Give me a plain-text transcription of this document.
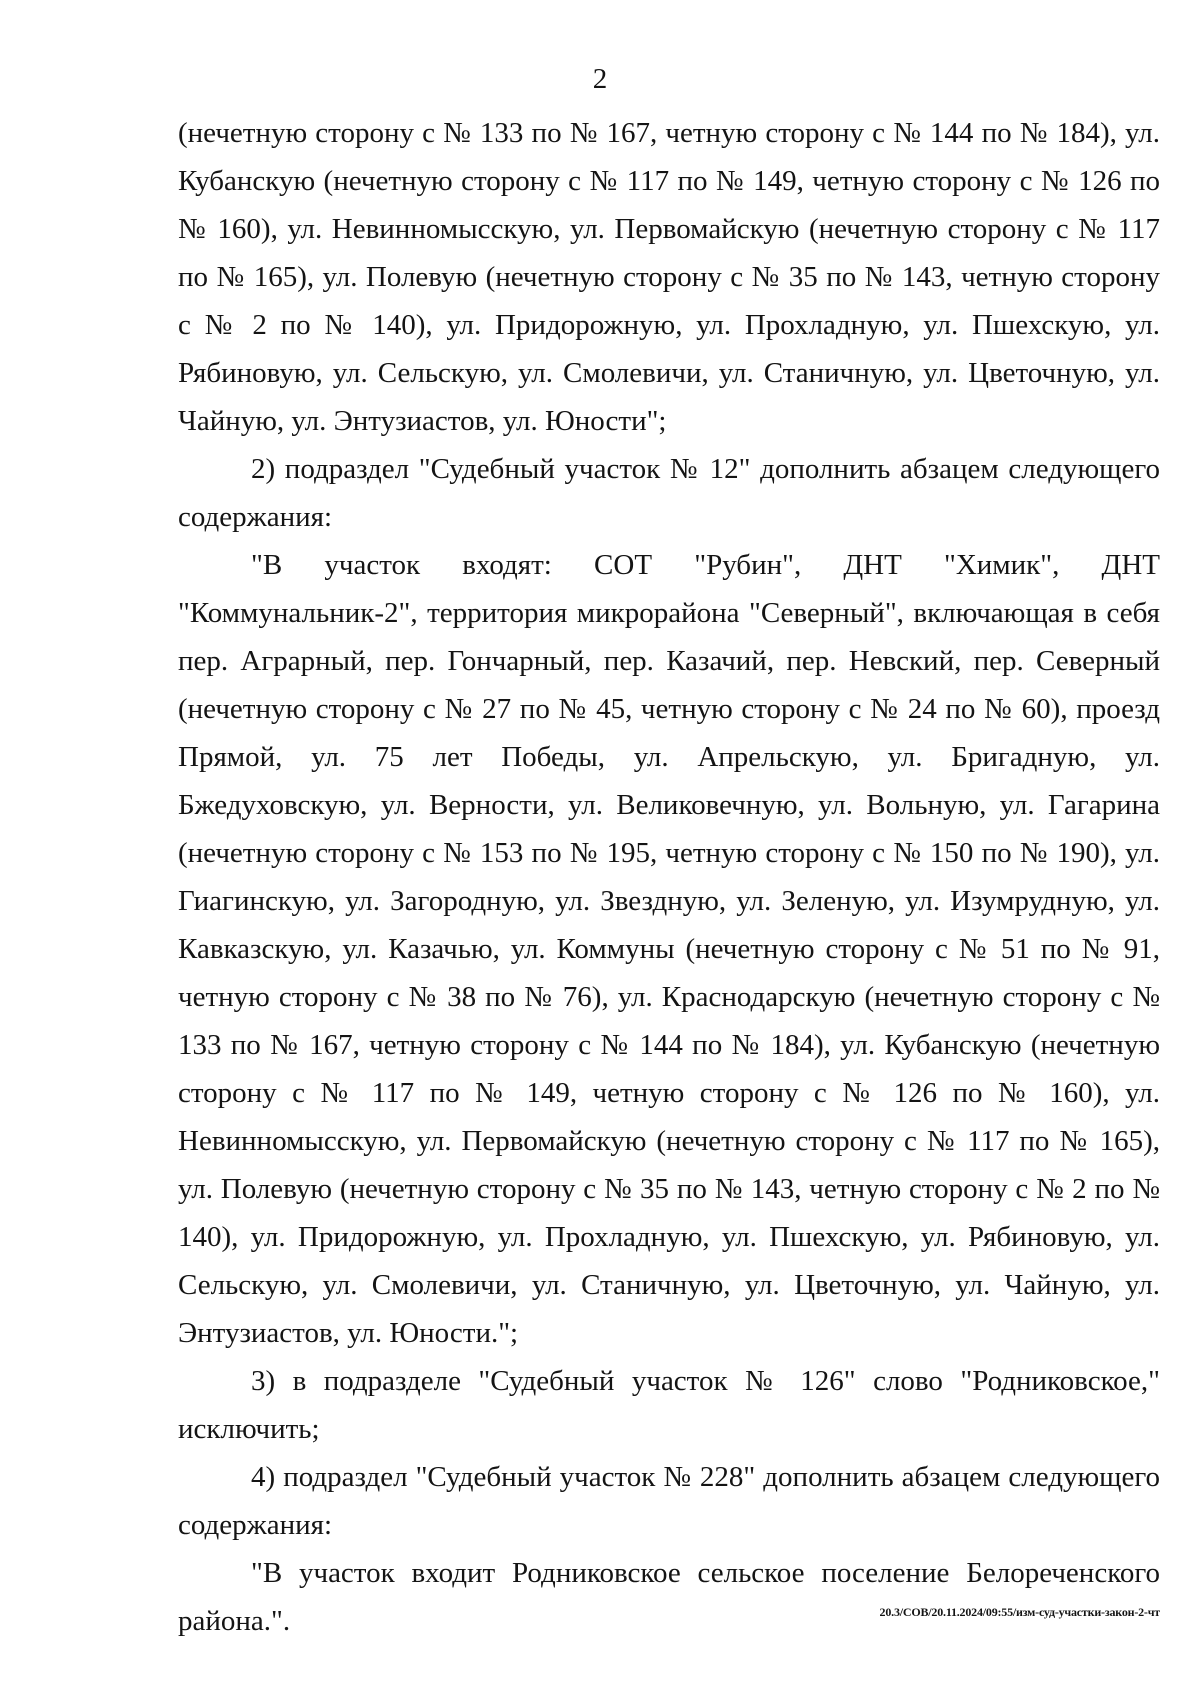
2

(нечетную сторону с № 133 по № 167, четную сторону с № 144 по № 184), ул. Кубанскую (нечетную сторону с № 117 по № 149, четную сторону с № 126 по № 160), ул. Невинномысскую, ул. Первомайскую (нечетную сторону с № 117 по № 165), ул. Полевую (нечетную сторону с № 35 по № 143, четную сторону с № 2 по № 140), ул. Придорожную, ул. Прохладную, ул. Пшехскую, ул. Рябиновую, ул. Сельскую, ул. Смолевичи, ул. Станичную, ул. Цветочную, ул. Чайную, ул. Энтузиастов, ул. Юности";

2) подраздел "Судебный участок № 12" дополнить абзацем следующего содержания:

"В участок входят: СОТ "Рубин", ДНТ "Химик", ДНТ "Коммунальник-2", территория микрорайона "Северный", включающая в себя пер. Аграрный, пер. Гончарный, пер. Казачий, пер. Невский, пер. Северный (нечетную сторону с № 27 по № 45, четную сторону с № 24 по № 60), проезд Прямой, ул. 75 лет Победы, ул. Апрельскую, ул. Бригадную, ул. Бжедуховскую, ул. Верности, ул. Великовечную, ул. Вольную, ул. Гагарина (нечетную сторону с № 153 по № 195, четную сторону с № 150 по № 190), ул. Гиагинскую, ул. Загородную, ул. Звездную, ул. Зеленую, ул. Изумрудную, ул. Кавказскую, ул. Казачью, ул. Коммуны (нечетную сторону с № 51 по № 91, четную сторону с № 38 по № 76), ул. Краснодарскую (нечетную сторону с № 133 по № 167, четную сторону с № 144 по № 184), ул. Кубанскую (нечетную сторону с № 117 по № 149, четную сторону с № 126 по № 160), ул. Невинномысскую, ул. Первомайскую (нечетную сторону с № 117 по № 165), ул. Полевую (нечетную сторону с № 35 по № 143, четную сторону с № 2 по № 140), ул. Придорожную, ул. Прохладную, ул. Пшехскую, ул. Рябиновую, ул. Сельскую, ул. Смолевичи, ул. Станичную, ул. Цветочную, ул. Чайную, ул. Энтузиастов, ул. Юности.";

3) в подразделе "Судебный участок № 126" слово "Родниковское," исключить;

4) подраздел "Судебный участок № 228" дополнить абзацем следующего содержания:

"В участок входит Родниковское сельское поселение Белореченского района.".	20.3/СОВ/20.11.2024/09:55/изм-суд-участки-закон-2-чт
